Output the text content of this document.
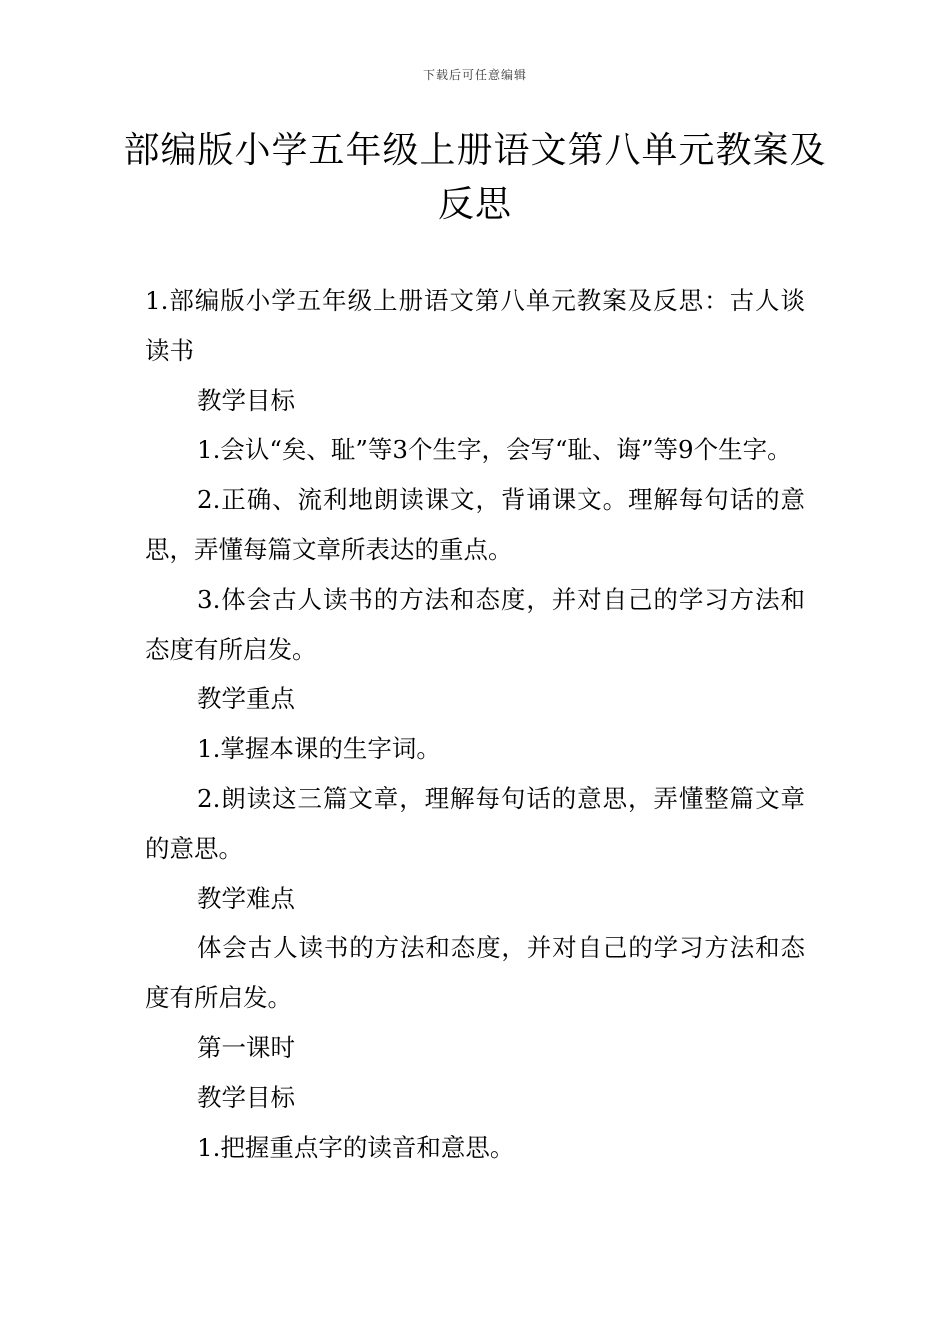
下载后可任意编辑
部编版小学五年级上册语文第八单元教案及反思

1.部编版小学五年级上册语文第八单元教案及反思：古人谈读书

教学目标

1.会认“矣、耻”等3个生字，会写“耻、诲”等9个生字。

2.正确、流利地朗读课文，背诵课文。理解每句话的意思，弄懂每篇文章所表达的重点。

3.体会古人读书的方法和态度，并对自己的学习方法和态度有所启发。

教学重点

1.掌握本课的生字词。

2.朗读这三篇文章，理解每句话的意思，弄懂整篇文章的意思。

教学难点

体会古人读书的方法和态度，并对自己的学习方法和态度有所启发。

第一课时

教学目标

1.把握重点字的读音和意思。
